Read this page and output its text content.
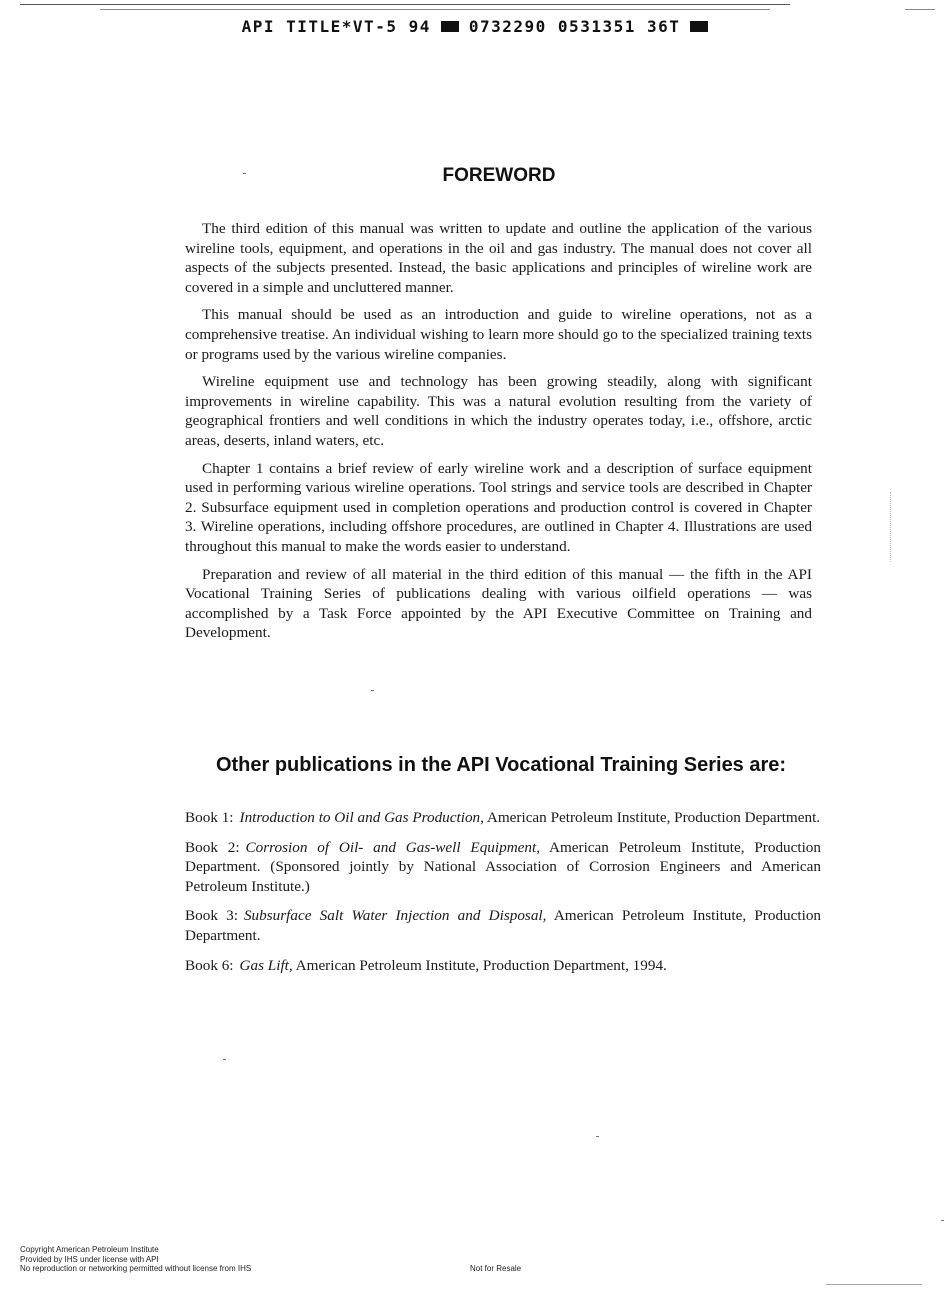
API TITLE*VT-5 94 0732290 0531351 36T
FOREWORD

The third edition of this manual was written to update and outline the application of the various wireline tools, equipment, and operations in the oil and gas industry. The manual does not cover all aspects of the subjects presented. Instead, the basic applications and principles of wireline work are covered in a simple and uncluttered manner.

This manual should be used as an introduction and guide to wireline operations, not as a comprehensive treatise. An individual wishing to learn more should go to the specialized training texts or programs used by the various wireline companies.

Wireline equipment use and technology has been growing steadily, along with significant improvements in wireline capability. This was a natural evolution resulting from the variety of geographical frontiers and well conditions in which the industry operates today, i.e., offshore, arctic areas, deserts, inland waters, etc.

Chapter 1 contains a brief review of early wireline work and a description of surface equipment used in performing various wireline operations. Tool strings and service tools are described in Chapter 2. Subsurface equipment used in completion operations and production control is covered in Chapter 3. Wireline operations, including offshore procedures, are outlined in Chapter 4. Illustrations are used throughout this manual to make the words easier to understand.

Preparation and review of all material in the third edition of this manual — the fifth in the API Vocational Training Series of publications dealing with various oilfield operations — was accomplished by a Task Force appointed by the API Executive Committee on Training and Development.

Other publications in the API Vocational Training Series are:

Book 1: Introduction to Oil and Gas Production, American Petroleum Institute, Production Department.

Book 2: Corrosion of Oil- and Gas-well Equipment, American Petroleum Institute, Production Department. (Sponsored jointly by National Association of Corrosion Engineers and American Petroleum Institute.)

Book 3: Subsurface Salt Water Injection and Disposal, American Petroleum Institute, Production Department.

Book 6: Gas Lift, American Petroleum Institute, Production Department, 1994.

Copyright American Petroleum Institute
Provided by IHS under license with API
No reproduction or networking permitted without license from IHS	Not for Resale
